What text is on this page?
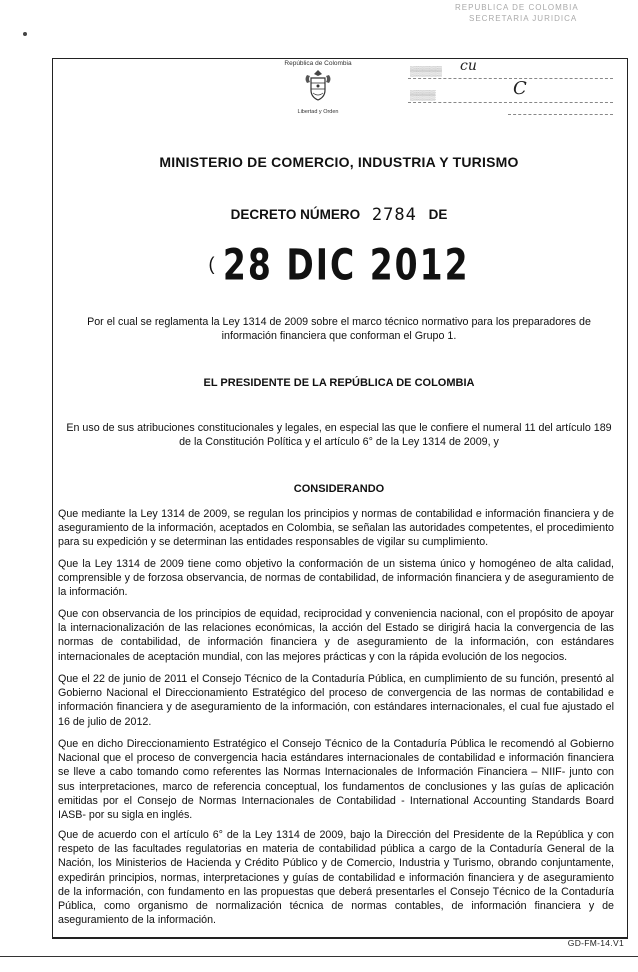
REPUBLICA DE COLOMBIA
SECRETARIA JURIDICA
República de Colombia
Libertad y Orden
▒▒▒▒▒ cu
▒▒▒▒	C
MINISTERIO DE COMERCIO, INDUSTRIA Y TURISMO
DECRETO NÚMERO 2784 DE
( 28 DIC 2012
Por el cual se reglamenta la Ley 1314 de 2009 sobre el marco técnico normativo para los preparadores de información financiera que conforman el Grupo 1.
EL PRESIDENTE DE LA REPÚBLICA DE COLOMBIA
En uso de sus atribuciones constitucionales y legales, en especial las que le confiere el numeral 11 del artículo 189 de la Constitución Política y el artículo 6° de la Ley 1314 de 2009, y
CONSIDERANDO
Que mediante la Ley 1314 de 2009, se regulan los principios y normas de contabilidad e información financiera y de aseguramiento de la información, aceptados en Colombia, se señalan las autoridades competentes, el procedimiento para su expedición y se determinan las entidades responsables de vigilar su cumplimiento.
Que la Ley 1314 de 2009 tiene como objetivo la conformación de un sistema único y homogéneo de alta calidad, comprensible y de forzosa observancia, de normas de contabilidad, de información financiera y de aseguramiento de la información.
Que con observancia de los principios de equidad, reciprocidad y conveniencia nacional, con el propósito de apoyar la internacionalización de las relaciones económicas, la acción del Estado se dirigirá hacia la convergencia de las normas de contabilidad, de información financiera y de aseguramiento de la información, con estándares internacionales de aceptación mundial, con las mejores prácticas y con la rápida evolución de los negocios.
Que el 22 de junio de 2011 el Consejo Técnico de la Contaduría Pública, en cumplimiento de su función, presentó al Gobierno Nacional el Direccionamiento Estratégico del proceso de convergencia de las normas de contabilidad e información financiera y de aseguramiento de la información, con estándares internacionales, el cual fue ajustado el 16 de julio de 2012.
Que en dicho Direccionamiento Estratégico el Consejo Técnico de la Contaduría Pública le recomendó al Gobierno Nacional que el proceso de convergencia hacia estándares internacionales de contabilidad e información financiera se lleve a cabo tomando como referentes las Normas Internacionales de Información Financiera – NIIF- junto con sus interpretaciones, marco de referencia conceptual, los fundamentos de conclusiones y las guías de aplicación emitidas por el Consejo de Normas Internacionales de Contabilidad - International Accounting Standards Board IASB- por su sigla en inglés.
Que de acuerdo con el artículo 6° de la Ley 1314 de 2009, bajo la Dirección del Presidente de la República y con respeto de las facultades regulatorias en materia de contabilidad pública a cargo de la Contaduría General de la Nación, los Ministerios de Hacienda y Crédito Público y de Comercio, Industria y Turismo, obrando conjuntamente, expedirán principios, normas, interpretaciones y guías de contabilidad e información financiera y de aseguramiento de la información, con fundamento en las propuestas que deberá presentarles el Consejo Técnico de la Contaduría Pública, como organismo de normalización técnica de normas contables, de información financiera y de aseguramiento de la información.
GD-FM-14.V1
